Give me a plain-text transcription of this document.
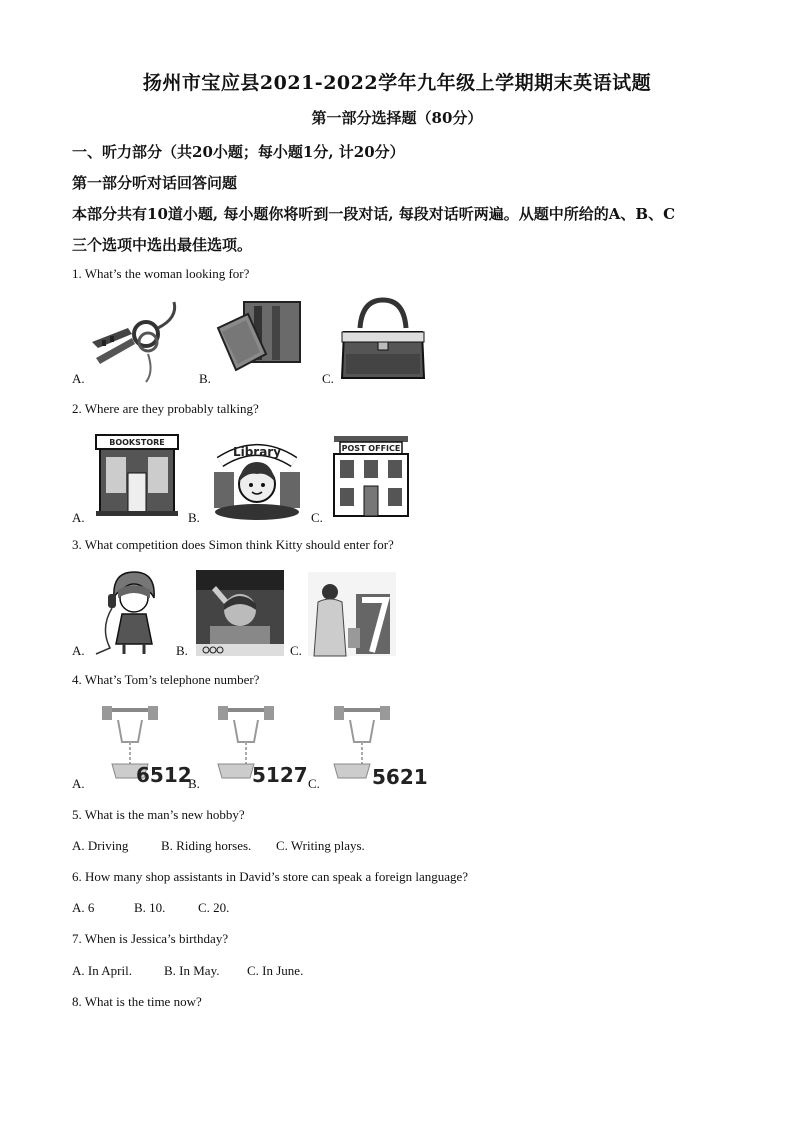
扬州市宝应县2021-2022学年九年级上学期期末英语试题
第一部分选择题（80分）
一、听力部分（共20小题；每小题1分, 计20分）
第一部分听对话回答问题
本部分共有10道小题, 每小题你将听到一段对话, 每段对话听两遍。从题中所给的A、B、C
三个选项中选出最佳选项。
1. What’s the woman looking for?
A.	B.	C.
2. Where are they probably talking?
BOOKSTORE
A.
Library
B.
POST OFFICE
C.
3. What competition does Simon think Kitty should enter for?
A.	B.	C.
4. What’s Tom’s telephone number?
6512
A.	5127
B.	5621
C.
5. What is the man’s new hobby?
A. Driving	B. Riding horses. C. Writing plays.
6. How many shop assistants in David’s store can speak a foreign language?
A. 6	B. 10.	C. 20.
7. When is Jessica’s birthday?
A. In April. B. In May. C. In June.
8. What is the time now?
